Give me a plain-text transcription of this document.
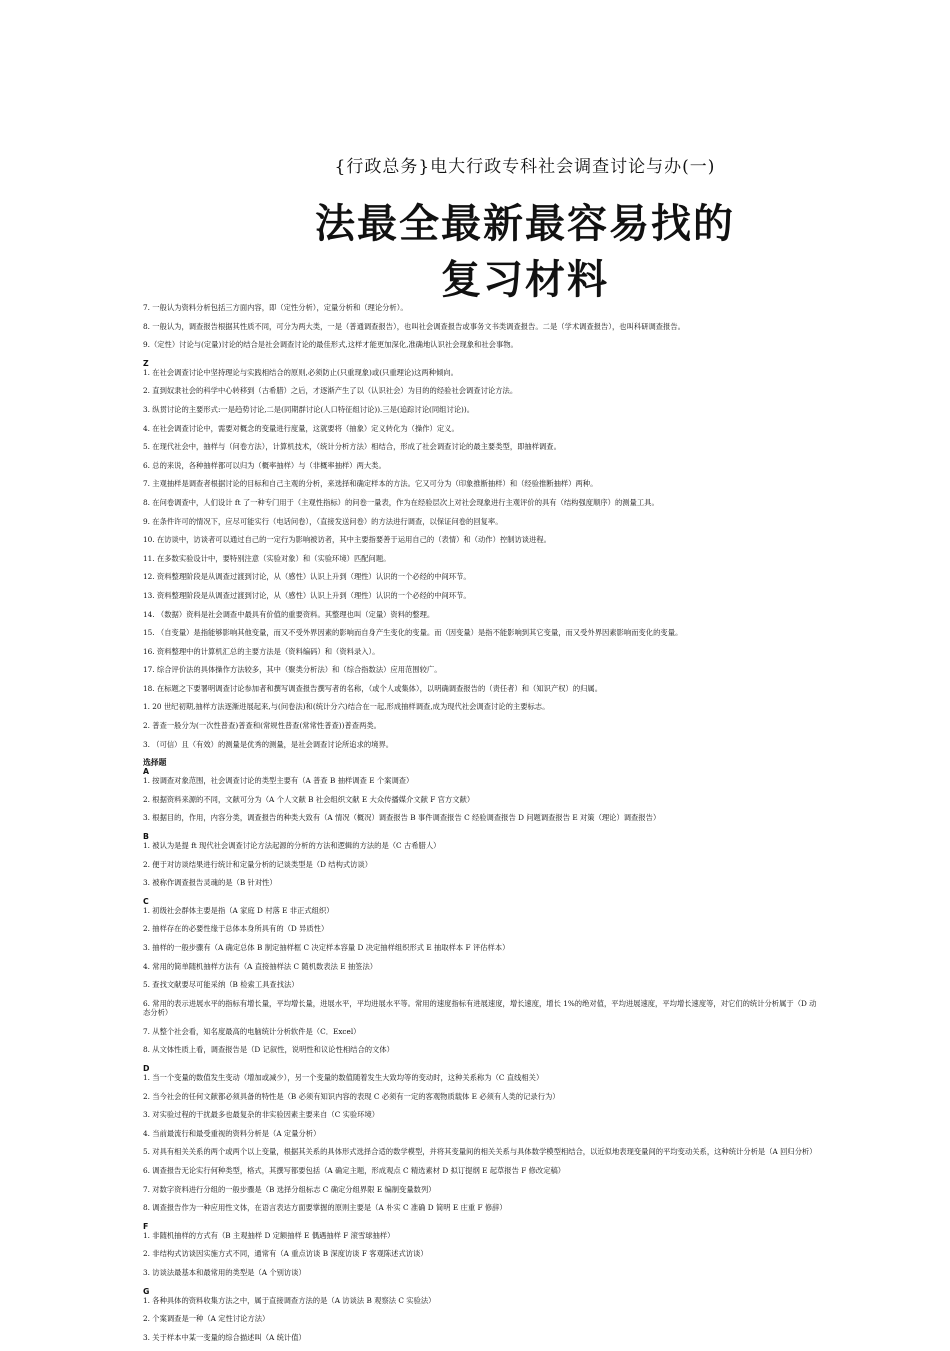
{行政总务}电大行政专科社会调查讨论与办(一)
法最全最新最容易找的
复习材料
7. 一般认为资料分析包括三方面内容，即（定性分析），定量分析和（理论分析）。
8. 一般认为，调查报告根据其性质不同，可分为两大类，一是（普通调查报告），也叫社会调查报告或事务文书类调查报告。二是（学术调查报告），也叫科研调查报告。
9.（定性）讨论与(定量)讨论的结合是社会调查讨论的最佳形式,这样才能更加深化,准确地认识社会现象和社会事物。
Z
1. 在社会调查讨论中坚持理论与实践相结合的原则,必须防止(只重现象)或(只重理论)这两种倾向。
2. 直到奴隶社会的科学中心转移到（古希腊）之后，才逐渐产生了以（认识社会）为目的的经验社会调查讨论方法。
3. 纵贯讨论的主要形式:一是趋势讨论,二是(同期群讨论(人口特征组讨论)).三是(追踪讨论(同组讨论))。
4. 在社会调查讨论中，需要对概念的变量进行度量，这就要将（抽象）定义转化为（操作）定义。
5. 在现代社会中，抽样与（问卷方法），计算机技术，（统计分析方法）相结合，形成了社会调查讨论的最主要类型，即抽样调查。
6. 总的来说，各种抽样都可以归为（概率抽样）与（非概率抽样）两大类。
7. 主观抽样是调查者根据讨论的目标和自己主观的分析，来选择和确定样本的方法。它又可分为（印象推断抽样）和（经验推断抽样）两种。
8. 在问卷调查中，人们设计 ft 了一种专门用于（主观性指标）的问卷一量表，作为在经验层次上对社会现象进行主观评价的具有（结构强度顺序）的测量工具。
9. 在条件许可的情况下，应尽可能实行（电话问卷），（直接发送问卷）的方法进行调查，以保证问卷的回复率。
10. 在访谈中，访谈者可以通过自己的一定行为影响被访者，其中主要指要善于运用自己的（表情）和（动作）控制访谈进程。
11. 在多数实验设计中，要特别注意（实验对象）和（实验环境）匹配问题。
12. 资料整理阶段是从调查过渡到讨论，从（感性）认识上升到（理性）认识的一个必经的中间环节。
13. 资料整理阶段是从调查过渡到讨论，从（感性）认识上升到（理性）认识的一个必经的中间环节。
14. （数据）资料是社会调查中最具有价值的重要资料。其整理也叫（定量）资料的整理。
15. （自变量）是指能够影响其他变量，而又不受外界因素的影响而自身产生变化的变量。而（因变量）是指不能影响到其它变量，而又受外界因素影响而变化的变量。
16. 资料整理中的计算机汇总的主要方法是（资料编码）和（资料录入）。
17. 综合评价法的具体操作方法较多，其中（聚类分析法）和（综合指数法）应用范围较广。
18. 在标题之下要署明调查讨论参加者和撰写调查报告撰写者的名称，（或个人或集体），以明确调查报告的（责任者）和（知识产权）的归属。
1. 20 世纪初期,抽样方法逐渐进展起来,与(问卷法)和(统计分六)结合在一起,形成抽样调查,成为现代社会调查讨论的主要标志。
2. 普查一般分为(一次性普查)普查和(常规性普查(常常性普查))普查两类。
3. （可信）且（有效）的测量是优秀的测量，是社会调查讨论所追求的境界。
选择题
A
1. 按调查对象范围，社会调查讨论的类型主要有（A 普查 B 抽样调查 E 个案调查）
2. 根据资料来源的不同，文献可分为（A 个人文献 B 社会组织文献 E 大众传播媒介文献 F 官方文献）
3. 根据目的，作用，内容分类，调查报告的种类大致有（A 情况（概况）调查报告 B 事件调查报告 C 经验调查报告 D 问题调查报告 E 对策（理论）调查报告）
B
1. 被认为是提 ft 现代社会调查讨论方法起源的分析的方法和逻辑的方法的是（C 古希腊人）
2. 便于对访谈结果进行统计和定量分析的记谈类型是（D 结构式访谈）
3. 被称作调查报告灵魂的是（B 针对性）
C
1. 初级社会群体主要是指（A 家庭 D 村落 E 非正式组织）
2. 抽样存在的必要性缘于总体本身所具有的（D 异质性）
3. 抽样的一般步骤有（A 确定总体 B 制定抽样框 C 决定样本容量 D 决定抽样组织形式 E 抽取样本 F 评估样本）
4. 常用的简单随机抽样方法有（A 直接抽样法 C 随机数表法 E 抽签法）
5. 查找文献要尽可能采纳（B 检索工具查找法）
6. 常用的表示进展水平的指标有增长量，平均增长量，进展水平，平均进展水平等。常用的速度指标有进展速度，增长速度，增长 1%的绝对值，平均进展速度，平均增长速度等，对它们的统计分析属于（D 动态分析）
7. 从整个社会看，知名度最高的电脑统计分析软件是（C．Excel）
8. 从文体性质上看，调查报告是（D 记叙性，说明性和议论性相结合的文体）
D
1. 当一个变量的数值发生变动（增加或减少），另一个变量的数值随着发生大致均等的变动时，这种关系称为（C 直线相关）
2. 当今社会的任何文献都必须具备的特性是（B 必须有知识内容的表现 C 必须有一定的客观物质载体 E 必须有人类的记录行为）
3. 对实验过程的干扰最多也最复杂的非实验因素主要来自（C 实验环境）
4. 当前最流行和最受重视的资料分析是（A 定量分析）
5. 对具有相关关系的两个或两个以上变量，根据其关系的具体形式选择合适的数学模型，并将其变量间的相关关系与具体数学模型相结合，以近似地表现变量间的平均变动关系，这种统计分析是（A 回归分析）
6. 调查报告无论实行何种类型，格式，其撰写都要包括（A 确定主题，形成观点 C 精选素材 D 拟订提纲 E 起草报告 F 修改定稿）
7. 对数字资料进行分组的一般步骤是（B 选择分组标志 C 确定分组界限 E 编制变量数列）
8. 调查报告作为一种应用性文体，在语言表达方面要掌握的原则主要是（A 朴实 C 准确 D 简明 E 庄重 F 修辞）
F
1. 非随机抽样的方式有（B 主观抽样 D 定额抽样 E 偶遇抽样 F 滚雪球抽样）
2. 非结构式访谈因实施方式不同，通常有（A 重点访谈 B 深度访谈 F 客观陈述式访谈）
3. 访谈法最基本和最常用的类型是（A 个别访谈）
G
1. 各种具体的资料收集方法之中，属于直接调查方法的是（A 访谈法 B 观察法 C 实验法）
2. 个案调查是一种（A 定性讨论方法）
3. 关于样本中某一变量的综合描述叫（A 统计值）
